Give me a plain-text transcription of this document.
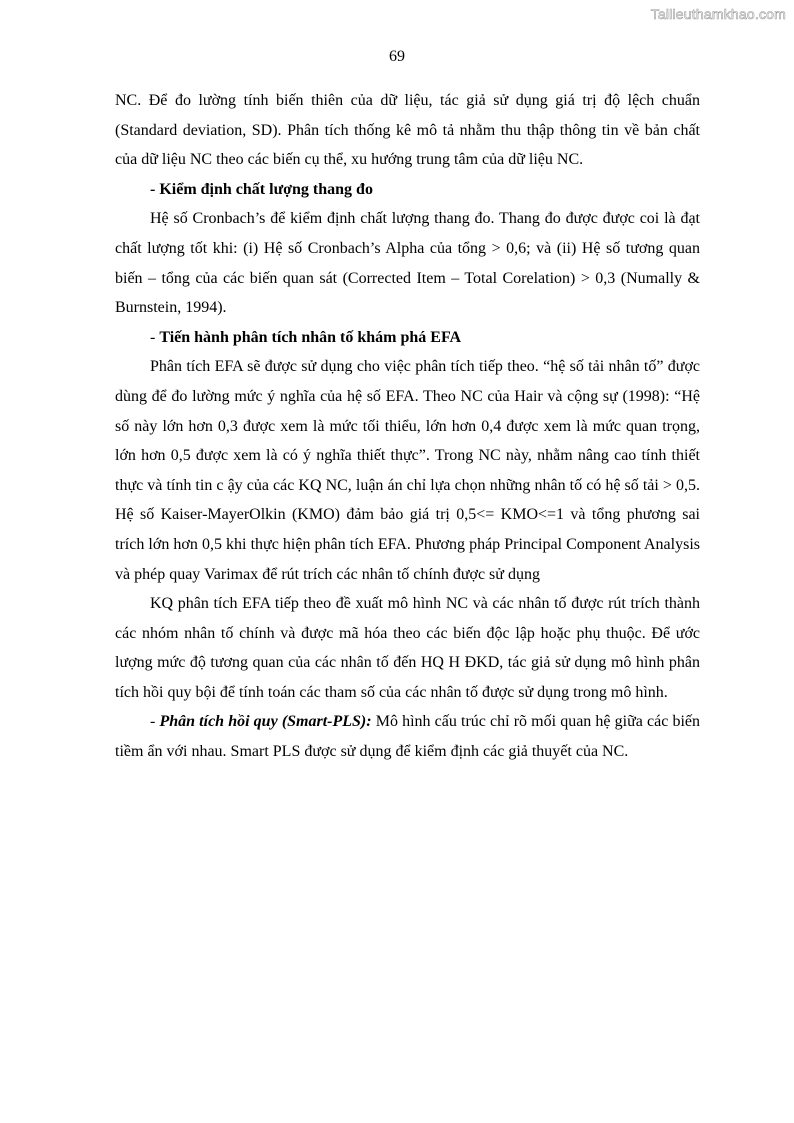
Tailieuthamkhao.com
69

NC. Để đo lường tính biến thiên của dữ liệu, tác giả sử dụng giá trị độ lệch chuẩn (Standard deviation, SD). Phân tích thống kê mô tả nhằm thu thập thông tin về bản chất của dữ liệu NC theo các biến cụ thể, xu hướng trung tâm của dữ liệu NC.

- Kiểm định chất lượng thang đo

Hệ số Cronbach’s để kiểm định chất lượng thang đo. Thang đo được được coi là đạt chất lượng tốt khi: (i) Hệ số Cronbach’s Alpha của tổng > 0,6; và (ii) Hệ số tương quan biến – tổng của các biến quan sát (Corrected Item – Total Corelation) > 0,3 (Numally & Burnstein, 1994).

- Tiến hành phân tích nhân tố khám phá EFA

Phân tích EFA sẽ được sử dụng cho việc phân tích tiếp theo. “hệ số tải nhân tố” được dùng để đo lường mức ý nghĩa của hệ số EFA. Theo NC của Hair và cộng sự (1998): “Hệ số này lớn hơn 0,3 được xem là mức tối thiểu, lớn hơn 0,4 được xem là mức quan trọng, lớn hơn 0,5 được xem là có ý nghĩa thiết thực”. Trong NC này, nhằm nâng cao tính thiết thực và tính tin c ậy của các KQ NC, luận án chỉ lựa chọn những nhân tố có hệ số tải > 0,5. Hệ số Kaiser-MayerOlkin (KMO) đảm bảo giá trị 0,5<= KMO<=1 và tổng phương sai trích lớn hơn 0,5 khi thực hiện phân tích EFA. Phương pháp Principal Component Analysis và phép quay Varimax để rút trích các nhân tố chính được sử dụng

KQ phân tích EFA tiếp theo đề xuất mô hình NC và các nhân tố được rút trích thành các nhóm nhân tố chính và được mã hóa theo các biến độc lập hoặc phụ thuộc. Để ước lượng mức độ tương quan của các nhân tố đến HQ H ĐKD, tác giả sử dụng mô hình phân tích hồi quy bội để tính toán các tham số của các nhân tố được sử dụng trong mô hình.

- Phân tích hồi quy (Smart-PLS): Mô hình cấu trúc chỉ rõ mối quan hệ giữa các biến tiềm ẩn với nhau. Smart PLS được sử dụng để kiểm định các giả thuyết của NC.
